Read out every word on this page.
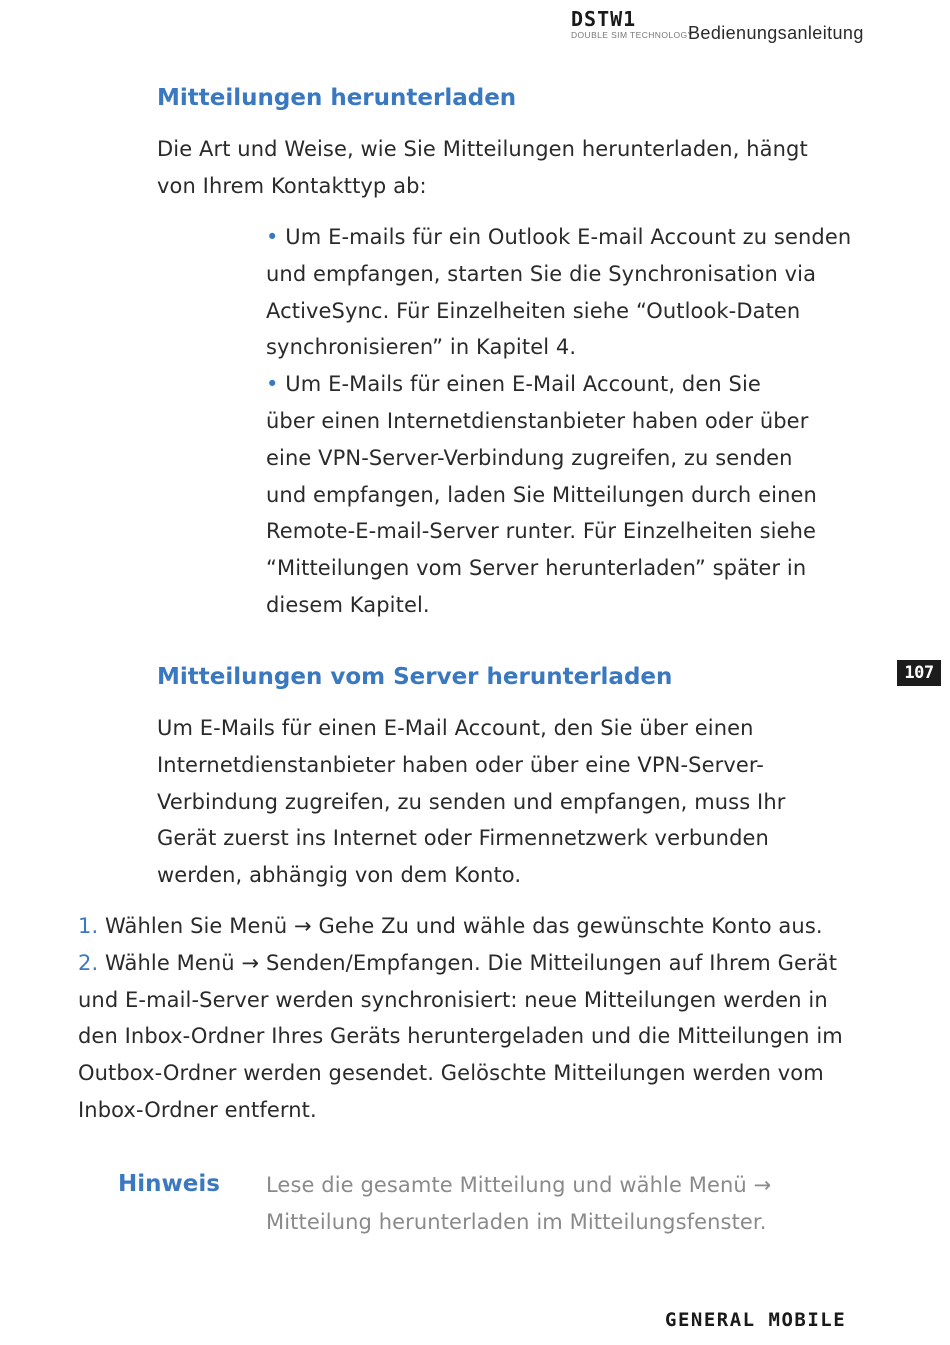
DSTW1
DOUBLE SIM TECHNOLOGY
Bedienungsanleitung
Mitteilungen herunterladen
Die Art und Weise, wie Sie Mitteilungen herunterladen, hängt
von Ihrem Kontakttyp ab:
• Um E-mails für ein Outlook E-mail Account zu senden
und empfangen, starten Sie die Synchronisation via
ActiveSync. Für Einzelheiten siehe “Outlook-Daten
synchronisieren” in Kapitel 4.
• Um E-Mails für einen E-Mail Account, den Sie
über einen Internetdienstanbieter haben oder über
eine VPN-Server-Verbindung zugreifen, zu senden
und empfangen, laden Sie Mitteilungen durch einen
Remote-E-mail-Server runter. Für Einzelheiten siehe
“Mitteilungen vom Server herunterladen” später in
diesem Kapitel.
107
Mitteilungen vom Server herunterladen
Um E-Mails für einen E-Mail Account, den Sie über einen
Internetdienstanbieter haben oder über eine VPN-Server-
Verbindung zugreifen, zu senden und empfangen, muss Ihr
Gerät zuerst ins Internet oder Firmennetzwerk verbunden
werden, abhängig von dem Konto.
1. Wählen Sie Menü → Gehe Zu und wähle das gewünschte Konto aus.
2. Wähle Menü → Senden/Empfangen. Die Mitteilungen auf Ihrem Gerät
und E-mail-Server werden synchronisiert: neue Mitteilungen werden in
den Inbox-Ordner Ihres Geräts heruntergeladen und die Mitteilungen im
Outbox-Ordner werden gesendet. Gelöschte Mitteilungen werden vom
Inbox-Ordner entfernt.
Hinweis Lese die gesamte Mitteilung und wähle Menü →
Mitteilung herunterladen im Mitteilungsfenster.
GENERAL MOBILE
